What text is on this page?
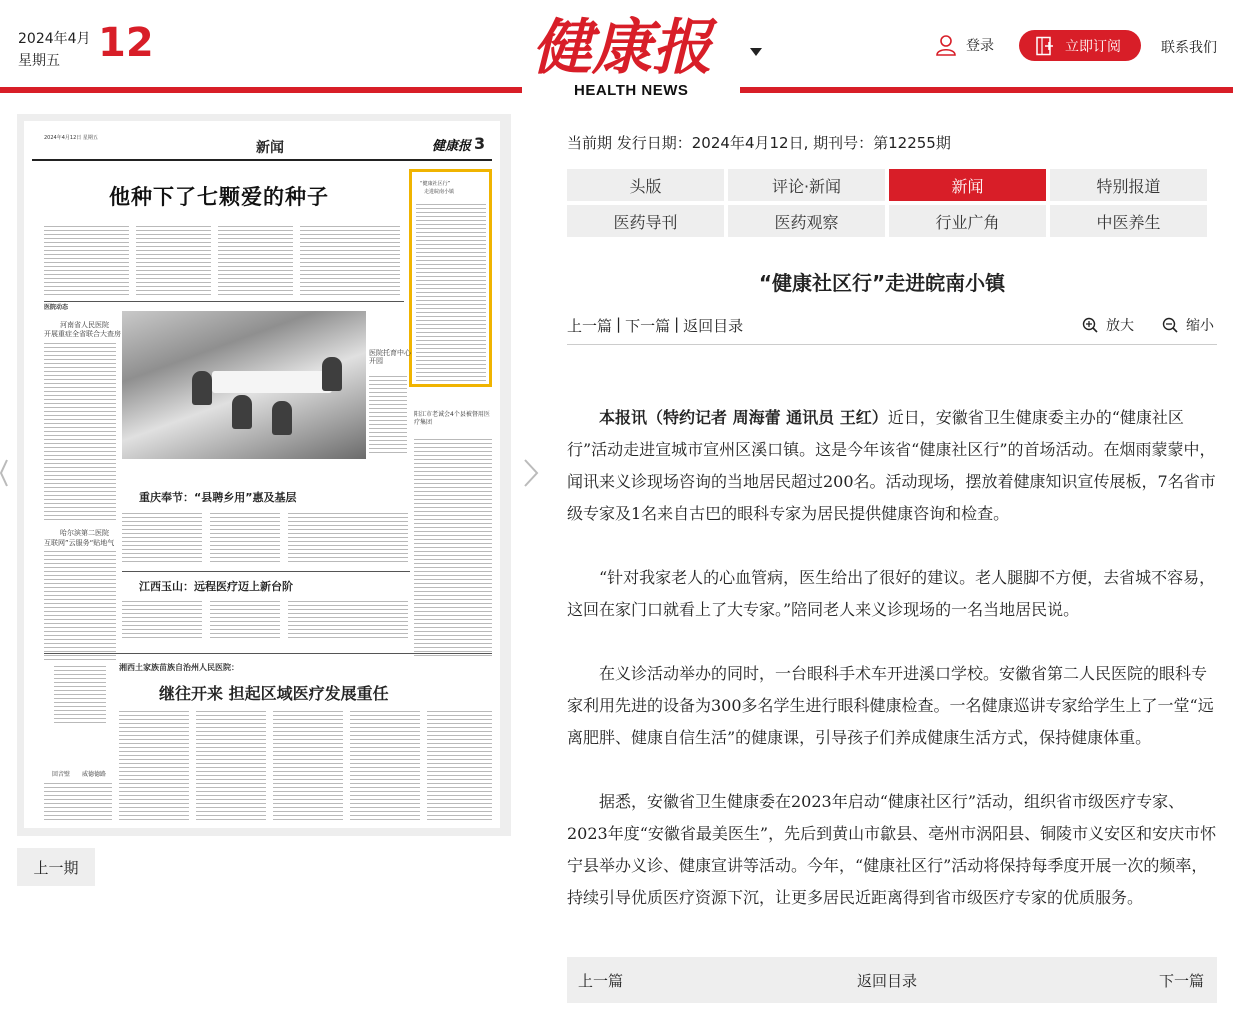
2024年4月
星期五 12	健康报
HEALTH NEWS
登录	立即订阅	联系我们
2024年4月12日 星期五
新闻	健康报 3
他种下了七颗爱的种子
“健康社区行”
走进皖南小镇
医院动态
河南省人民医院
开展重症全省联合大查房
哈尔滨第二医院
互联网”云服务“贴地气
医院托育中心开园
阳江市老诚会4个县被督用医疗集团
重庆奉节：“县聘乡用”惠及基层
江西玉山：远程医疗迈上新台阶
湘西土家族苗族自治州人民医院：
继往开来 担起区域医疗发展重任
回音壁 威德德路
上一期
当前期 发行日期：2024年4月12日, 期刊号：第12255期
头版	评论·新闻	新闻	特别报道
医药导刊	医药观察	行业广角	中医养生
“健康社区行”走进皖南小镇
上一篇 | 下一篇 | 返回目录	放大	缩小

本报讯（特约记者 周海蕾 通讯员 王红）近日，安徽省卫生健康委主办的“健康社区行”活动走进宣城市宣州区溪口镇。这是今年该省“健康社区行”的首场活动。在烟雨蒙蒙中，闻讯来义诊现场咨询的当地居民超过200名。活动现场，摆放着健康知识宣传展板，7名省市级专家及1名来自古巴的眼科专家为居民提供健康咨询和检查。

“针对我家老人的心血管病，医生给出了很好的建议。老人腿脚不方便，去省城不容易，这回在家门口就看上了大专家。”陪同老人来义诊现场的一名当地居民说。

在义诊活动举办的同时，一台眼科手术车开进溪口学校。安徽省第二人民医院的眼科专家利用先进的设备为300多名学生进行眼科健康检查。一名健康巡讲专家给学生上了一堂“远离肥胖、健康自信生活”的健康课，引导孩子们养成健康生活方式，保持健康体重。

据悉，安徽省卫生健康委在2023年启动“健康社区行”活动，组织省市级医疗专家、2023年度“安徽省最美医生”，先后到黄山市歙县、亳州市涡阳县、铜陵市义安区和安庆市怀宁县举办义诊、健康宣讲等活动。今年，“健康社区行”活动将保持每季度开展一次的频率，持续引导优质医疗资源下沉，让更多居民近距离得到省市级医疗专家的优质服务。

上一篇	返回目录	下一篇
